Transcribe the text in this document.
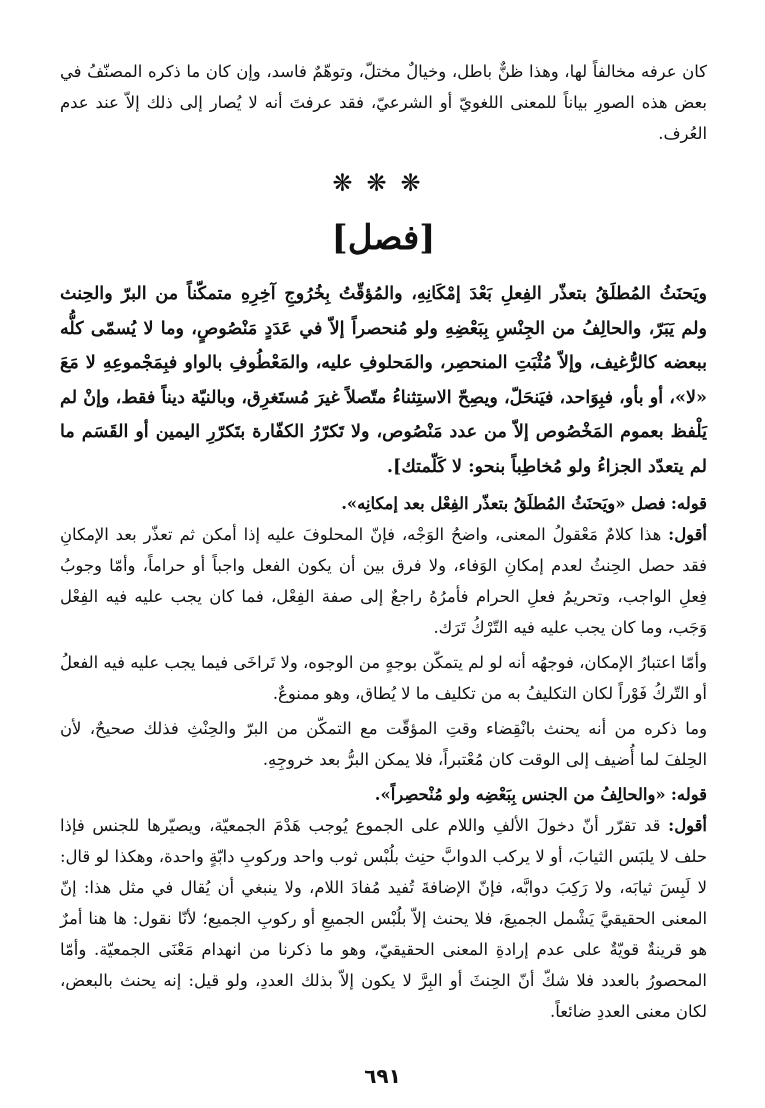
كان عرفه مخالفاً لها، وهذا ظنٌّ باطل، وخيالٌ مختلّ، وتوهّمٌ فاسد، وإن كان ما ذكره المصنّفُ في بعض هذه الصورِ بياناً للمعنى اللغويّ أو الشرعيّ، فقد عرفتَ أنه لا يُصار إلى ذلك إلاّ عند عدم العُرف.

❋❋❋
[فصل]

ويَحنَثُ المُطلَقُ بتعذّر الفِعلِ بَعْدَ إمْكَانِهِ، والمُؤقّتُ بِخُرُوجِ آخِرِهِ متمكّناً من البرّ والحِنث ولم يَبَرّ، والحالِفُ من الجِنْسِ بِبَعْضِهِ ولو مُنحصراً إلاّ في عَدَدٍ مَنْصُوصٍ، وما لا يُسمّى كلُّه ببعضه كالرُّغيف، وإلاّ مُثْبَتِ المنحصِر، والمَحلوفِ عليه، والمَعْطُوفِ بالواو فبِمَجْموعِهِ لا مَعَ «لا»، أو بأو، فبِوَاحد، فيَنحَلّ، ويصِحّ الاستِثناءُ متّصلاً غيرَ مُستَغرِق، وبالنيّة ديناً فقط، وإنْ لم يَلْفظ بعموم المَخْصُوص إلاّ من عدد مَنْصُوص، ولا تَكرّرُ الكفّارة بتَكرّرِ اليمين أو القَسَم ما لم يتعدّد الجزاءُ ولو مُخاطِباً بنحو: لا كَلّمتك].

قوله: فصل «ويَحنَثُ المُطلَقُ بتعذّر الفِعْل بعد إمكانِه».

أقول: هذا كلامٌ مَعْقولُ المعنى، واضحُ الوَجْه، فإنّ المحلوفَ عليه إذا أمكن ثم تعذّر بعد الإمكانِ فقد حصل الحِنثُ لعدم إمكانِ الوَفاء، ولا فرق بين أن يكون الفعل واجباً أو حراماً، وأمّا وجوبُ فِعلِ الواجب، وتحريمُ فعلِ الحرام فأمرُهُ راجعٌ إلى صفة الفِعْل، فما كان يجب عليه فيه الفِعْل وَجَب، وما كان يجب عليه فيه التّرْكُ تَرَك.

وأمّا اعتبارُ الإمكان، فوجهُه أنه لو لم يتمكّن بوجهٍ من الوجوه، ولا تَراخَى فيما يجب عليه فيه الفعلُ أو التّركُ فَوْراً لكان التكليفُ به من تكليف ما لا يُطاق، وهو ممنوعٌ.

وما ذكره من أنه يحنث بانْقِضاء وقتِ المؤقّت مع التمكّن من البرّ والحِنْثِ فذلك صحيحٌ، لأن الحِلفَ لما أُضيف إلى الوقت كان مُعْتبراً، فلا يمكن البرُّ بعد خروجِهِ.

قوله: «والحالِفُ من الجنس بِبَعْضِه ولو مُنْحصِراً».

أقول: قد تقرّر أنّ دخولَ الألفِ واللام على الجموع يُوجب هَدْمَ الجمعيّة، ويصيّرها للجنس فإذا حلف لا يلبَس الثيابَ، أو لا يركب الدوابَّ حنِث بلُبْس ثوب واحد وركوبِ دابّةٍ واحدة، وهكذا لو قال: لا لَبِسَ ثيابَه، ولا رَكِبَ دوابَّه، فإنّ الإضافةَ تُفيد مُفادَ اللام، ولا ينبغي أن يُقال في مثل هذا: إنّ المعنى الحقيقيَّ يَشْمل الجميعَ، فلا يحنث إلاّ بلُبْس الجميعِ أو ركوبِ الجميع؛ لأنّا نقول: ها هنا أمرٌ هو قرينةٌ قويّةٌ على عدم إرادةِ المعنى الحقيقيّ، وهو ما ذكرنا من انهدام مَعْنَى الجمعيّة. وأمّا المحصورُ بالعدد فلا شكّ أنّ الحِنثَ أو البِرَّ لا يكون إلاّ بذلك العددِ، ولو قيل: إنه يحنث بالبعض، لكان معنى العددِ ضائعاً.

٦٩١
